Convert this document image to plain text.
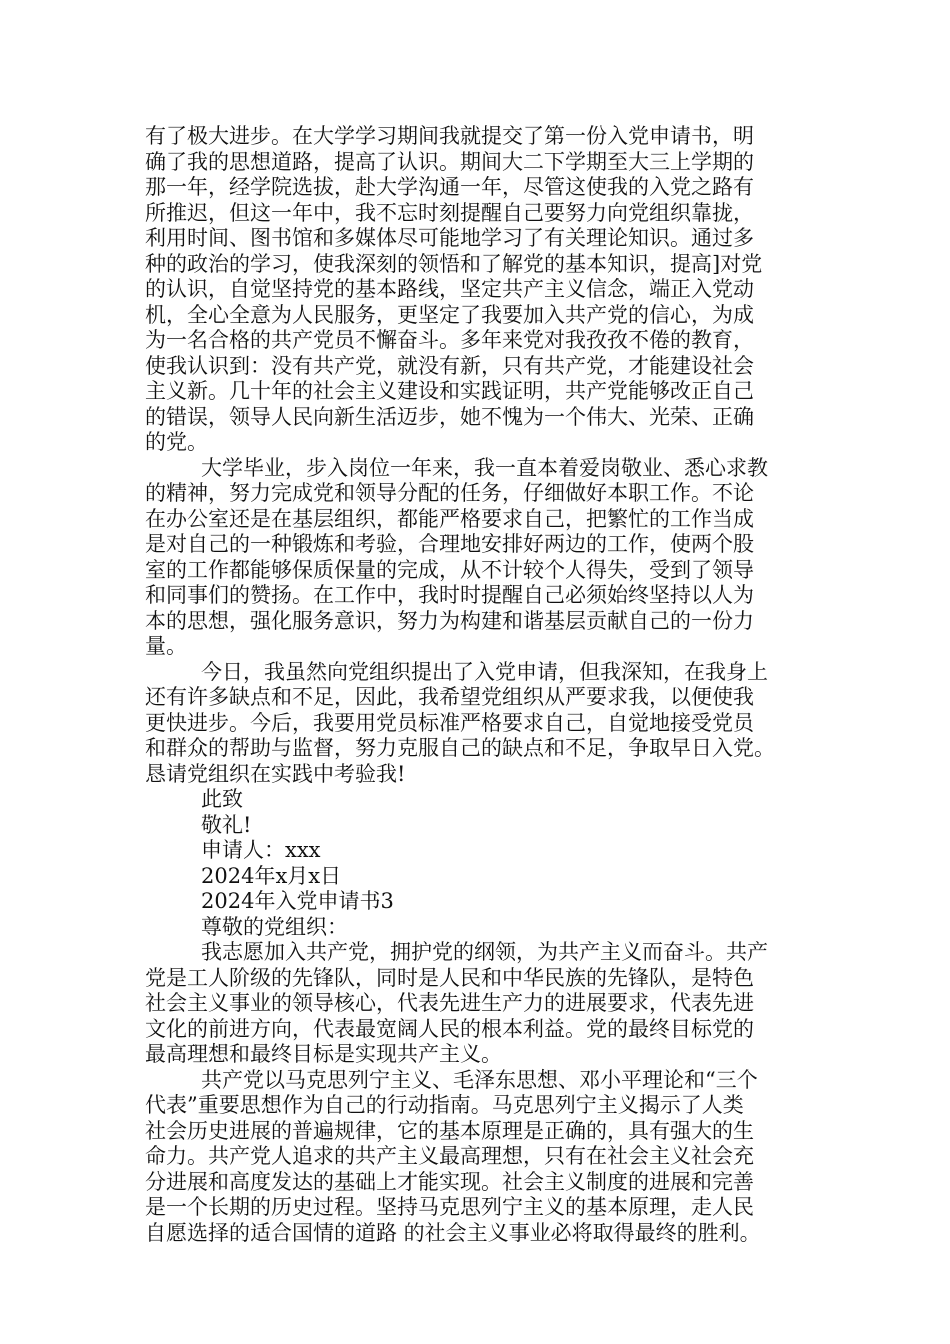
有了极大进步。在大学学习期间我就提交了第一份入党申请书，明
确了我的思想道路，提高了认识。期间大二下学期至大三上学期的
那一年，经学院选拔，赴大学沟通一年，尽管这使我的入党之路有
所推迟，但这一年中，我不忘时刻提醒自己要努力向党组织靠拢，
利用时间、图书馆和多媒体尽可能地学习了有关理论知识。通过多
种的政治的学习，使我深刻的领悟和了解党的基本知识，提高]对党
的认识，自觉坚持党的基本路线，坚定共产主义信念，端正入党动
机，全心全意为人民服务，更坚定了我要加入共产党的信心，为成
为一名合格的共产党员不懈奋斗。多年来党对我孜孜不倦的教育，
使我认识到：没有共产党，就没有新，只有共产党，才能建设社会
主义新。几十年的社会主义建设和实践证明，共产党能够改正自己
的错误，领导人民向新生活迈步，她不愧为一个伟大、光荣、正确
的党。
大学毕业，步入岗位一年来，我一直本着爱岗敬业、悉心求教
的精神，努力完成党和领导分配的任务，仔细做好本职工作。不论
在办公室还是在基层组织，都能严格要求自己，把繁忙的工作当成
是对自己的一种锻炼和考验，合理地安排好两边的工作，使两个股
室的工作都能够保质保量的完成，从不计较个人得失，受到了领导
和同事们的赞扬。在工作中，我时时提醒自己必须始终坚持以人为
本的思想，强化服务意识，努力为构建和谐基层贡献自己的一份力
量。
今日，我虽然向党组织提出了入党申请，但我深知，在我身上
还有许多缺点和不足，因此，我希望党组织从严要求我，以便使我
更快进步。今后，我要用党员标准严格要求自己，自觉地接受党员
和群众的帮助与监督，努力克服自己的缺点和不足，争取早日入党。
恳请党组织在实践中考验我!
此致
敬礼!
申请人：xxx
2024年x月x日
2024年入党申请书3
尊敬的党组织：
我志愿加入共产党，拥护党的纲领，为共产主义而奋斗。共产
党是工人阶级的先锋队，同时是人民和中华民族的先锋队，是特色
社会主义事业的领导核心，代表先进生产力的进展要求，代表先进
文化的前进方向，代表最宽阔人民的根本利益。党的最终目标党的
最高理想和最终目标是实现共产主义。
共产党以马克思列宁主义、毛泽东思想、邓小平理论和“三个
代表”重要思想作为自己的行动指南。马克思列宁主义揭示了人类
社会历史进展的普遍规律，它的基本原理是正确的，具有强大的生
命力。共产党人追求的共产主义最高理想，只有在社会主义社会充
分进展和高度发达的基础上才能实现。社会主义制度的进展和完善
是一个长期的历史过程。坚持马克思列宁主义的基本原理，走人民
自愿选择的适合国情的道路 的社会主义事业必将取得最终的胜利。
